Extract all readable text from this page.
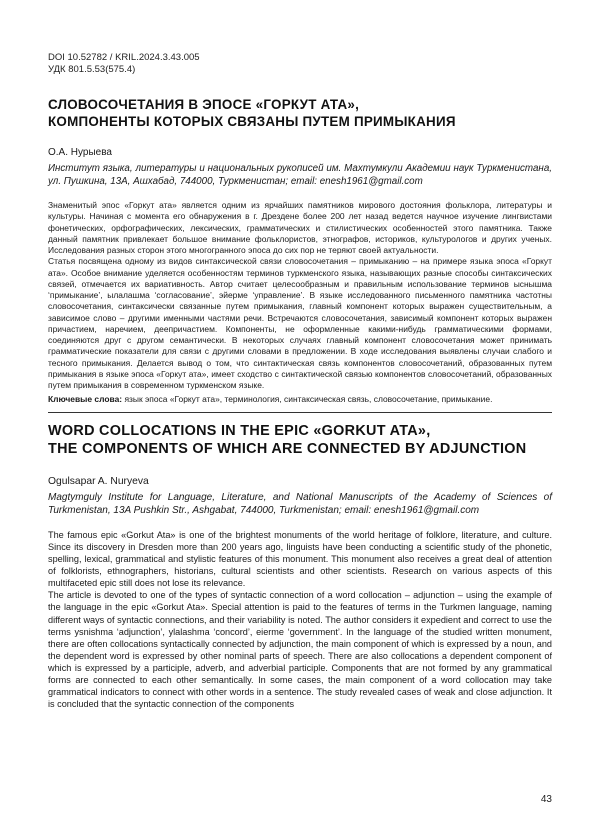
DOI 10.52782 / KRIL.2024.3.43.005
УДК 801.5.53(575.4)
СЛОВОСОЧЕТАНИЯ В ЭПОСЕ «ГОРКУТ АТА»,
КОМПОНЕНТЫ КОТОРЫХ СВЯЗАНЫ ПУТЕМ ПРИМЫКАНИЯ
О.А. Нурыева
Институт языка, литературы и национальных рукописей им. Махтумкули Академии наук Туркменистана, ул. Пушкина, 13А, Ашхабад, 744000, Туркменистан; email: enesh1961@gmail.com

Знаменитый эпос «Горкут ата» является одним из ярчайших памятников мирового достояния фольклора, литературы и культуры. Начиная с момента его обнаружения в г. Дрездене более 200 лет назад ведется научное изучение лингвистами фонетических, орфографических, лексических, грамматических и стилистических особенностей этого памятника. Также данный памятник привлекает большое внимание фольклористов, этнографов, историков, культурологов и других ученых. Исследования разных сторон этого многогранного эпоса до сих пор не теряют своей актуальности.

Статья посвящена одному из видов синтаксической связи словосочетания – примыканию – на примере языка эпоса «Горкут ата». Особое внимание уделяется особенностям терминов туркменского языка, называющих разные способы синтаксических связей, отмечается их вариативность. Автор считает целесообразным и правильным использование терминов ысныш‍ма ‘примыкание’, ылалашма ‘согласование’, эйерме ‘управление’. В языке исследованного письменного памятника частотны словосочетания, синтаксически связанные путем примыкания, главный компонент которых выражен существительным, а зависимое слово – другими именными частями речи. Встречаются словосочетания, зависимый компонент которых выражен причастием, наречием, деепричастием. Компоненты, не оформленные какими-нибудь грамматическими формами, соединяются друг с другом семантически. В некоторых случаях главный компонент словосочетания может принимать грамматические показатели для связи с другими словами в предложении. В ходе исследования выявлены случаи слабого и тесного примыкания. Делается вывод о том, что синтактическая связь компонентов словосочетаний, образованных путем примыкания в языке эпоса «Горкут ата», имеет сходство с синтактической связью компонентов словосочетаний, образованных путем примыкания в современном туркменском языке.

Ключевые слова: язык эпоса «Горкут ата», терминология, синтаксическая связь, словосочетание, примыкание.
WORD COLLOCATIONS IN THE EPIC «GORKUT ATA»,
THE COMPONENTS OF WHICH ARE CONNECTED BY ADJUNCTION
Ogulsapar A. Nuryeva
Magtymguly Institute for Language, Literature, and National Manuscripts of the Academy of Sciences of Turkmenistan, 13A Pushkin Str., Ashgabat, 744000, Turkmenistan; email: enesh1961@gmail.com

The famous epic «Gorkut Ata» is one of the brightest monuments of the world heritage of folklore, literature, and culture. Since its discovery in Dresden more than 200 years ago, linguists have been conducting a scientific study of the phonetic, spelling, lexical, grammatical and stylistic features of this monument. This monument also receives a great deal of attention of folklorists, ethnographers, historians, cultural scientists and other scientists. Research on various aspects of this multifaceted epic still does not lose its relevance.

The article is devoted to one of the types of syntactic connection of a word collocation – adjunction – using the example of the language in the epic «Gorkut Ata». Special attention is paid to the features of terms in the Turkmen language, naming different ways of syntactic connections, and their variability is noted. The author considers it expedient and correct to use the terms ysnishma ‘adjunction’, ylalashma ‘concord’, eierme ‘government’. In the language of the studied written monument, there are often collocations syntactically connected by adjunction, the main component of which is expressed by a noun, and the dependent word is expressed by other nominal parts of speech. There are also collocations a dependent component of which is expressed by a participle, adverb, and adverbial participle. Components that are not formed by any grammatical forms are connected to each other semantically. In some cases, the main component of a word collocation may take grammatical indicators to connect with other words in a sentence. The study revealed cases of weak and close adjunction. It is concluded that the syntactic connection of the components

43
